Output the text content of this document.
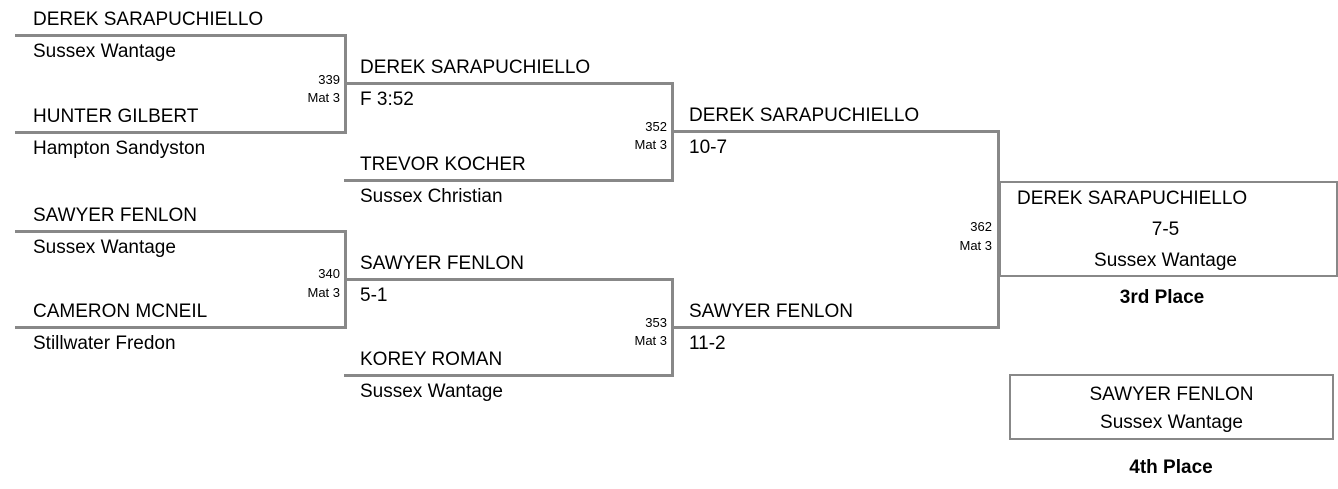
DEREK SARAPUCHIELLO
Sussex Wantage
339
Mat 3
HUNTER GILBERT
Hampton Sandyston
SAWYER FENLON
Sussex Wantage
340
Mat 3
CAMERON MCNEIL
Stillwater Fredon
DEREK SARAPUCHIELLO
F 3:52
352
Mat 3
TREVOR KOCHER
Sussex Christian
SAWYER FENLON
5-1
353
Mat 3
KOREY ROMAN
Sussex Wantage
DEREK SARAPUCHIELLO
10-7
362
Mat 3
SAWYER FENLON
11-2
DEREK SARAPUCHIELLO
7-5
Sussex Wantage
3rd Place
SAWYER FENLON
Sussex Wantage
4th Place
